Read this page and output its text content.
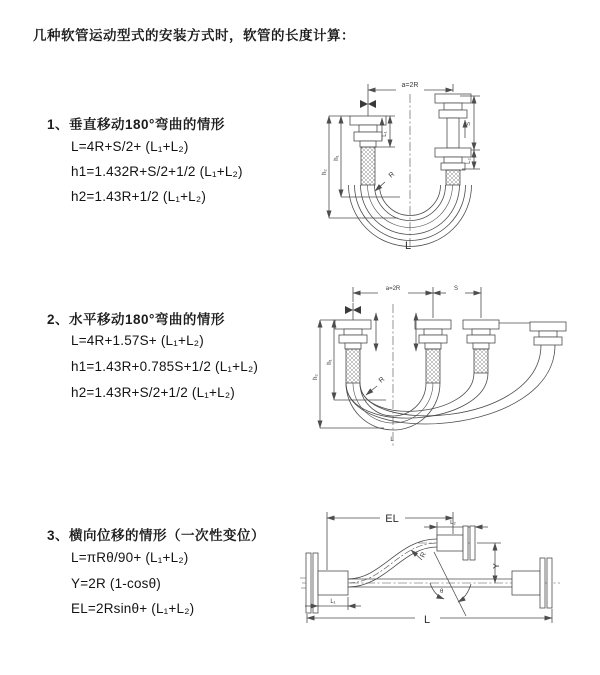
几种软管运动型式的安装方式时，软管的长度计算：
1、垂直移动180°弯曲的情形
L=4R+S/2+ (L₁+L₂)
h1=1.432R+S/2+1/2 (L₁+L₂)
h2=1.43R+1/2 (L₁+L₂)
2、水平移动180°弯曲的情形
L=4R+1.57S+ (L₁+L₂)
h1=1.43R+0.785S+1/2 (L₁+L₂)
h2=1.43R+S/2+1/2 (L₁+L₂)
3、横向位移的情形（一次性变位）
L=πRθ/90+ (L₁+L₂)
Y=2R (1-cosθ)
EL=2Rsinθ+ (L₁+L₂)
a=2R
L₁
S
L₂
h₁
h₂	R
L
a=2R	S
h₁
h₂	R
L
EL	L₂
Y
L₁
L
R
θ
